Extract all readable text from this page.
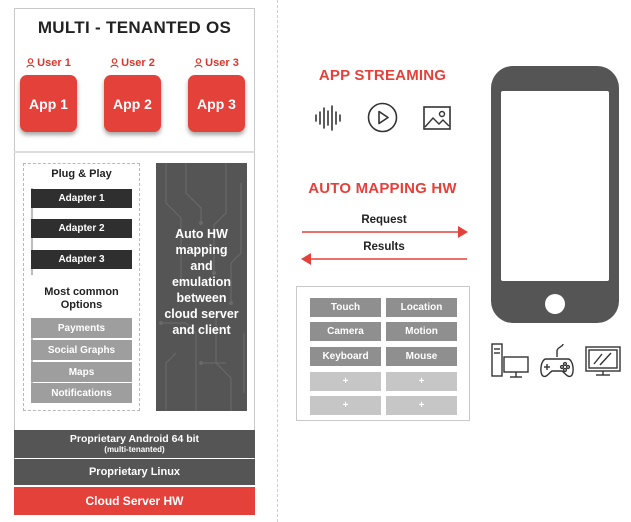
MULTI - TENANTED OS
User 1	User 2	User 3
App 1	App 2	App 3
Plug & Play
Adapter 1
Adapter 2
Adapter 3
Most common
Options
Payments
Social Graphs
Maps
Notifications
Auto HW
mapping
and
emulation
between
cloud server
and client
Proprietary Android 64 bit
(multi-tenanted)
Proprietary Linux
Cloud Server HW
APP STREAMING
AUTO MAPPING HW
Request
Results
Touch	Location
Camera	Motion
Keyboard	Mouse
+	+
+	+
